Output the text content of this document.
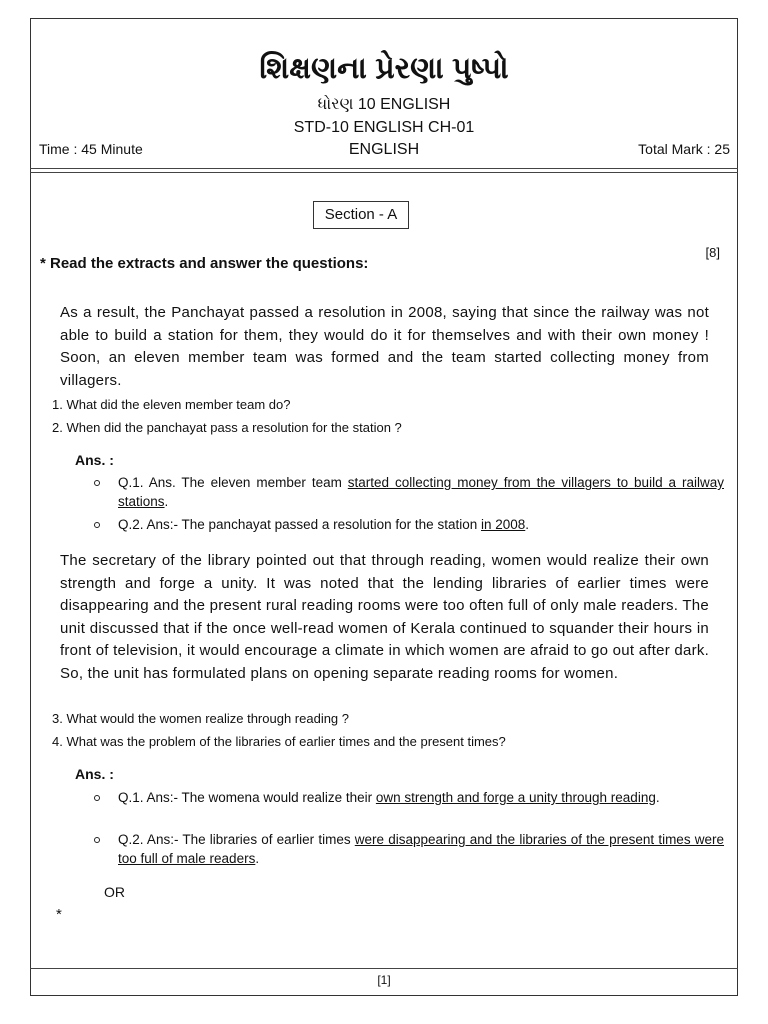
શિક્ષણના પ્રેરણા પુષ્પો
ધોરણ 10 ENGLISH
STD-10 ENGLISH CH-01
ENGLISH
Time : 45 Minute	Total Mark : 25
Section - A
[8]
* Read the extracts and answer the questions:
As a result, the Panchayat passed a resolution in 2008, saying that since the railway was not able to build a station for them, they would do it for themselves and with their own money ! Soon, an eleven member team was formed and the team started collecting money from villagers.
1. What did the eleven member team do?
2. When did the panchayat pass a resolution for the station ?
Ans. :
Q.1. Ans. The eleven member team started collecting money from the villagers to build a railway stations.
Q.2. Ans:- The panchayat passed a resolution for the station in 2008.
The secretary of the library pointed out that through reading, women would realize their own strength and forge a unity. It was noted that the lending libraries of earlier times were disappearing and the present rural reading rooms were too often full of only male readers. The unit discussed that if the once well-read women of Kerala continued to squander their hours in front of television, it would encourage a climate in which women are afraid to go out after dark. So, the unit has formulated plans on opening separate reading rooms for women.
3. What would the women realize through reading ?
4. What was the problem of the libraries of earlier times and the present times?
Ans. :
Q.1. Ans:- The womena would realize their own strength and forge a unity through reading.
Q.2. Ans:- The libraries of earlier times were disappearing and the libraries of the present times were too full of male readers.
OR
*
[1]
